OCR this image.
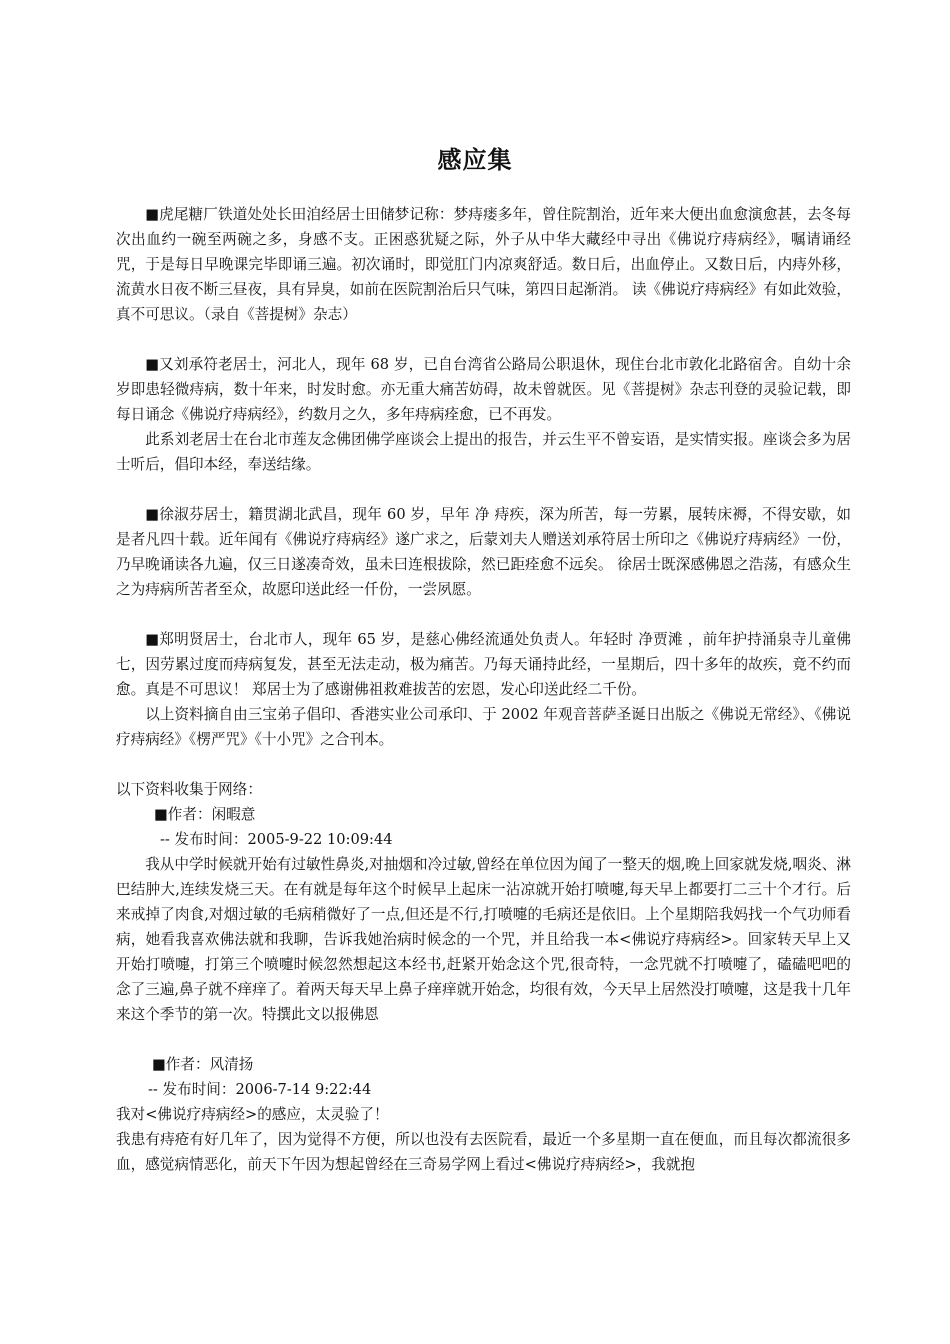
感应集

■虎尾糖厂铁道处处长田洎经居士田储梦记称：梦痔瘘多年，曾住院割治，近年来大便出血愈演愈甚，去冬每次出血约一碗至两碗之多，身感不支。正困惑犹疑之际，外子从中华大藏经中寻出《佛说疗痔病经》，嘱请诵经咒，于是每日早晚课完毕即诵三遍。初次诵时，即觉肛门内凉爽舒适。数日后，出血停止。又数日后，内痔外移，流黄水日夜不断三昼夜，具有异臭，如前在医院割治后只气味，第四日起渐消。 读《佛说疗痔病经》有如此效验，真不可思议。（录自《菩提树》杂志）

■又刘承符老居士，河北人，现年 68 岁，已自台湾省公路局公职退休，现住台北市敦化北路宿舍。自幼十余岁即患轻微痔病，数十年来，时发时愈。亦无重大痛苦妨碍，故未曾就医。见《菩提树》杂志刊登的灵验记载，即每日诵念《佛说疗痔病经》，约数月之久，多年痔病痊愈，已不再发。

此系刘老居士在台北市莲友念佛团佛学座谈会上提出的报告，并云生平不曾妄语，是实情实报。座谈会多为居士听后，倡印本经，奉送结缘。

■徐淑芬居士，籍贯湖北武昌，现年 60 岁，早年 净 痔疾，深为所苦，每一劳累，展转床褥，不得安歇，如是者凡四十载。近年闻有《佛说疗痔病经》遂广求之，后蒙刘夫人赠送刘承符居士所印之《佛说疗痔病经》一份，乃早晚诵读各九遍，仅三日遂凑奇效，虽未曰连根拔除，然已距痊愈不远矣。 徐居士既深感佛恩之浩荡，有感众生之为痔病所苦者至众，故愿印送此经一仟份，一尝夙愿。

■郑明贤居士，台北市人，现年 65 岁，是慈心佛经流通处负责人。年轻时 净贾滩 ，前年护持涌泉寺儿童佛七，因劳累过度而痔病复发，甚至无法走动，极为痛苦。乃每天诵持此经，一星期后，四十多年的故疾，竟不约而愈。真是不可思议！ 郑居士为了感谢佛祖救难拔苦的宏恩，发心印送此经二千份。

以上资料摘自由三宝弟子倡印、香港实业公司承印、于 2002 年观音菩萨圣诞日出版之《佛说无常经》、《佛说疗痔病经》《楞严咒》《十小咒》之合刊本。

以下资料收集于网络：

■作者：闲暇意

-- 发布时间：2005-9-22 10:09:44

我从中学时候就开始有过敏性鼻炎,对抽烟和冷过敏,曾经在单位因为闻了一整天的烟,晚上回家就发烧,咽炎、淋巴结肿大,连续发烧三天。在有就是每年这个时候早上起床一沾凉就开始打喷嚏,每天早上都要打二三十个才行。后来戒掉了肉食,对烟过敏的毛病稍微好了一点,但还是不行,打喷嚏的毛病还是依旧。上个星期陪我妈找一个气功师看病，她看我喜欢佛法就和我聊，告诉我她治病时候念的一个咒，并且给我一本<佛说疗痔病经>。回家转天早上又开始打喷嚏，打第三个喷嚏时候忽然想起这本经书,赶紧开始念这个咒,很奇特，一念咒就不打喷嚏了，磕磕吧吧的念了三遍,鼻子就不痒痒了。着两天每天早上鼻子痒痒就开始念，均很有效，今天早上居然没打喷嚏，这是我十几年来这个季节的第一次。特撰此文以报佛恩

■作者：风清扬

-- 发布时间：2006-7-14 9:22:44

我对<佛说疗痔病经>的感应，太灵验了！

我患有痔疮有好几年了，因为觉得不方便，所以也没有去医院看，最近一个多星期一直在便血，而且每次都流很多血，感觉病情恶化，前天下午因为想起曾经在三奇易学网上看过<佛说疗痔病经>，我就抱
